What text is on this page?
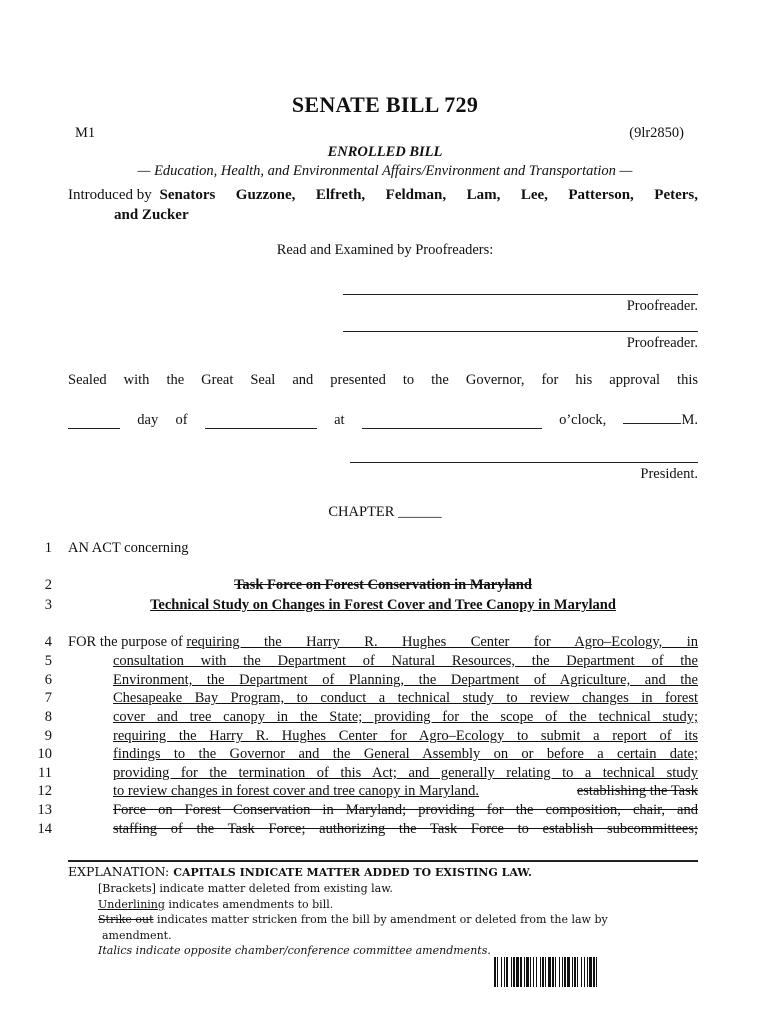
SENATE BILL 729
M1	(9lr2850)
ENROLLED BILL
— Education, Health, and Environmental Affairs/Environment and Transportation —
Introduced by Senators Guzzone, Elfreth, Feldman, Lam, Lee, Patterson, Peters,
and Zucker
Read and Examined by Proofreaders:
Proofreader.
Proofreader.
Sealed with the Great Seal and presented to the Governor, for his approval this
day of	at	o’clock,	M.
President.
CHAPTER ______
1 AN ACT concerning
2	Task Force on Forest Conservation in Maryland
3	Technical Study on Changes in Forest Cover and Tree Canopy in Maryland
4 FOR the purpose of requiring the Harry R. Hughes Center for Agro–Ecology, in
5	consultation with the Department of Natural Resources, the Department of the
6	Environment, the Department of Planning, the Department of Agriculture, and the
7	Chesapeake Bay Program, to conduct a technical study to review changes in forest
8	cover and tree canopy in the State; providing for the scope of the technical study;
9	requiring the Harry R. Hughes Center for Agro–Ecology to submit a report of its
10	findings to the Governor and the General Assembly on or before a certain date;
11	providing for the termination of this Act; and generally relating to a technical study
12	to review changes in forest cover and tree canopy in Maryland.	establishing the Task
13	Force on Forest Conservation in Maryland; providing for the composition, chair, and
14	staffing of the Task Force; authorizing the Task Force to establish subcommittees;
EXPLANATION: CAPITALS INDICATE MATTER ADDED TO EXISTING LAW.
[Brackets] indicate matter deleted from existing law.
Underlining indicates amendments to bill.
Strike out indicates matter stricken from the bill by amendment or deleted from the law by
amendment.
Italics indicate opposite chamber/conference committee amendments.
